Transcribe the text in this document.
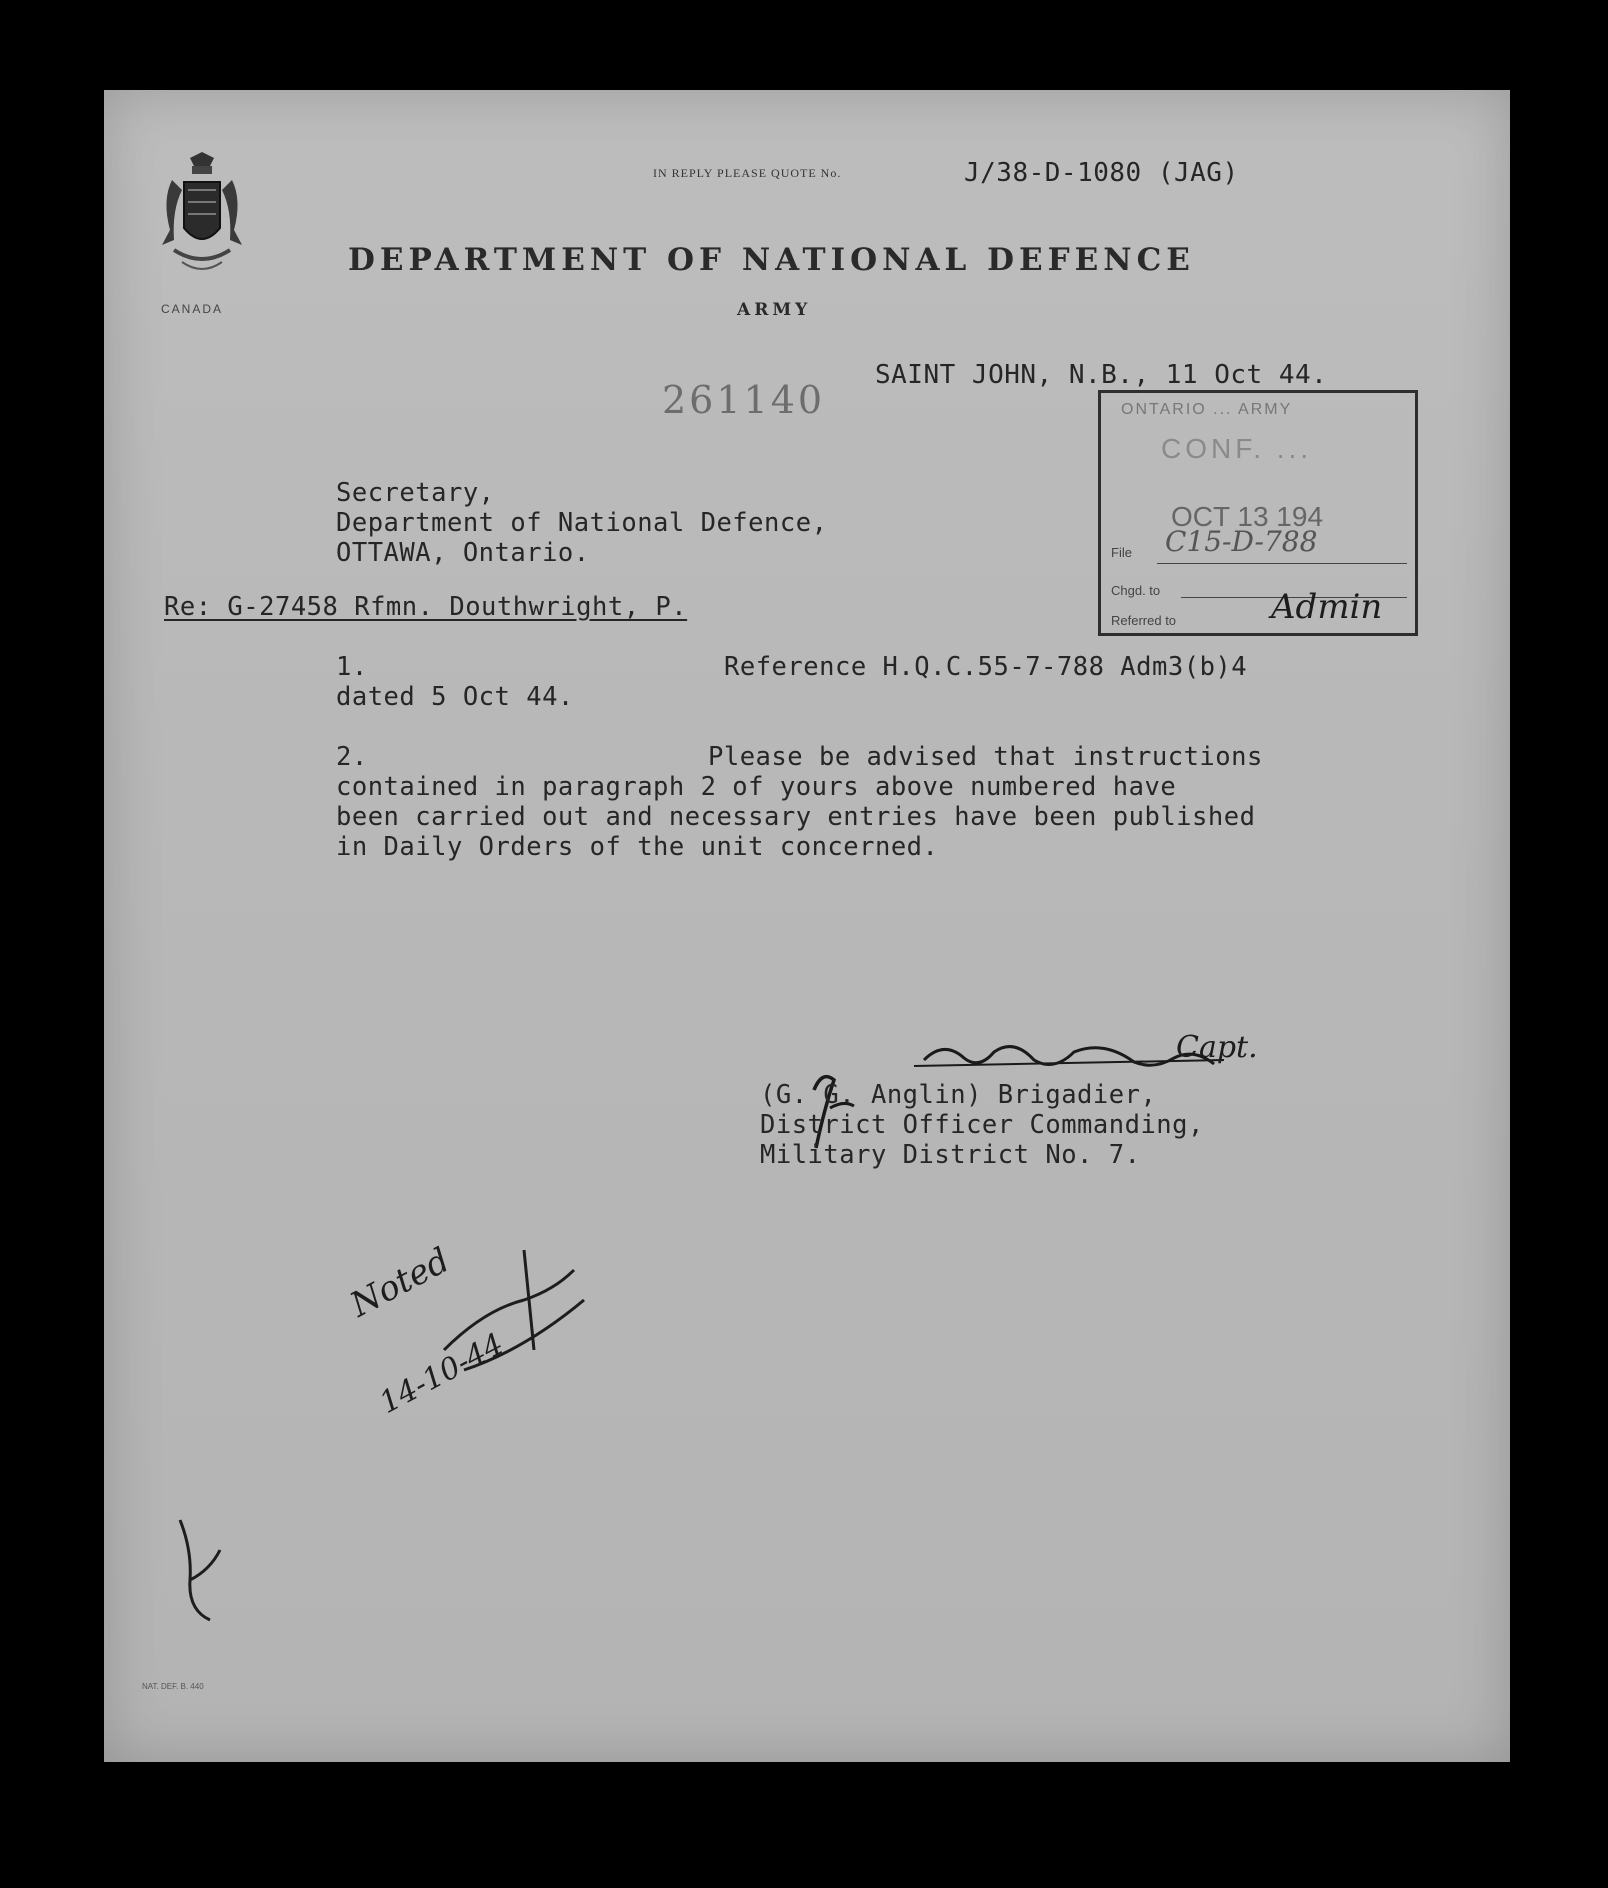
CANADA
IN REPLY PLEASE QUOTE No.	J/38-D-1080 (JAG)
DEPARTMENT OF NATIONAL DEFENCE
ARMY
SAINT JOHN, N.B., 11 Oct 44.
261140	ONTARIO ... ARMY
CONF. ...
OCT 13 194
File C15-D-788
Chgd. to
Referred to	Admin
Secretary,
Department of National Defence,
OTTAWA, Ontario.
Re: G-27458 Rfmn. Douthwright, P.
1.	Reference H.Q.C.55-7-788 Adm3(b)4
dated 5 Oct 44.
2.	Please be advised that instructions
contained in paragraph 2 of yours above numbered have
been carried out and necessary entries have been published
in Daily Orders of the unit concerned.
Capt.
(G. G. Anglin) Brigadier,
District Officer Commanding,
Military District No. 7.
Noted
14-10-44
NAT. DEF. B. 440
